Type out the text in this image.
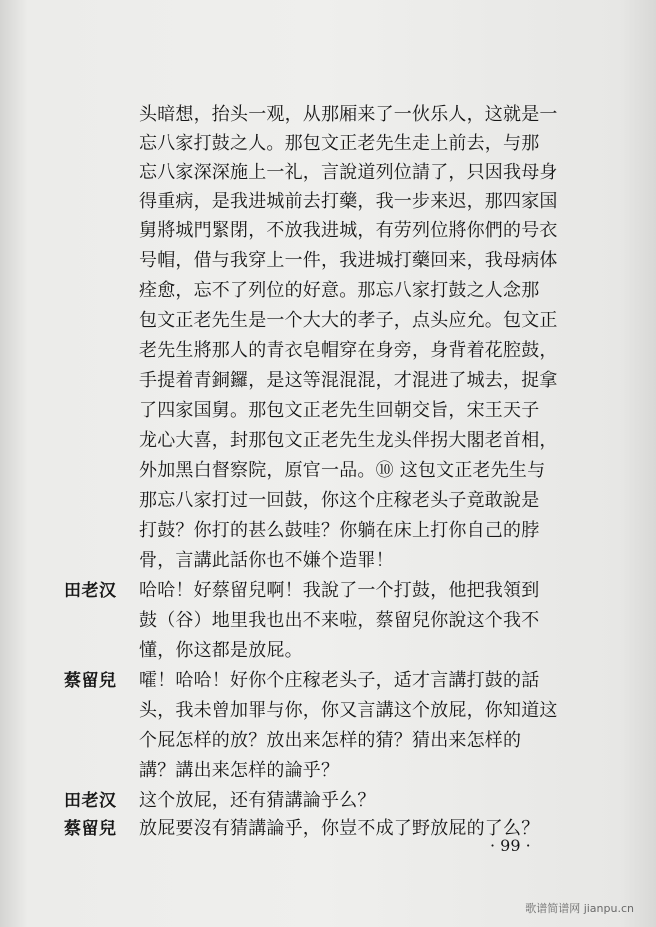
头暗想，抬头一观，从那厢来了一伙乐人，这就是一
忘八家打鼓之人。那包文正老先生走上前去，与那
忘八家深深施上一礼，言說道列位請了，只因我母身
得重病，是我进城前去打藥，我一步来迟，那四家国
舅將城門緊閉，不放我进城，有劳列位將你們的号衣
号帽，借与我穿上一件，我进城打藥回来，我母病体
痊愈，忘不了列位的好意。那忘八家打鼓之人念那
包文正老先生是一个大大的孝子，点头应允。包文正
老先生將那人的青衣皂帽穿在身旁，身背着花腔鼓，
手提着青銅鑼，是这等混混混，才混进了城去，捉拿
了四家国舅。那包文正老先生回朝交旨，宋王天子
龙心大喜，封那包文正老先生龙头伴拐大閣老首相，
外加黑白督察院，原官一品。⑩ 这包文正老先生与
那忘八家打过一回鼓，你这个庄稼老头子竟敢說是
打鼓？你打的甚么鼓哇？你躺在床上打你自己的脖
骨，言講此話你也不嫌个造罪！
田老汉 哈哈！好蔡留兒啊！我說了一个打鼓，他把我領到
鼓（谷）地里我也出不来啦，蔡留兒你說这个我不
懂，你这都是放屁。
蔡留兒 嚯！哈哈！好你个庄稼老头子，适才言講打鼓的話
头，我未曾加罪与你，你又言講这个放屁，你知道这
个屁怎样的放？放出来怎样的猜？猜出来怎样的
講？講出来怎样的論乎？
田老汉 这个放屁，还有猜講論乎么？
蔡留兒 放屁要沒有猜講論乎，你豈不成了野放屁的了么？
· 99 ·
歌谱简谱网 jianpu.cn
